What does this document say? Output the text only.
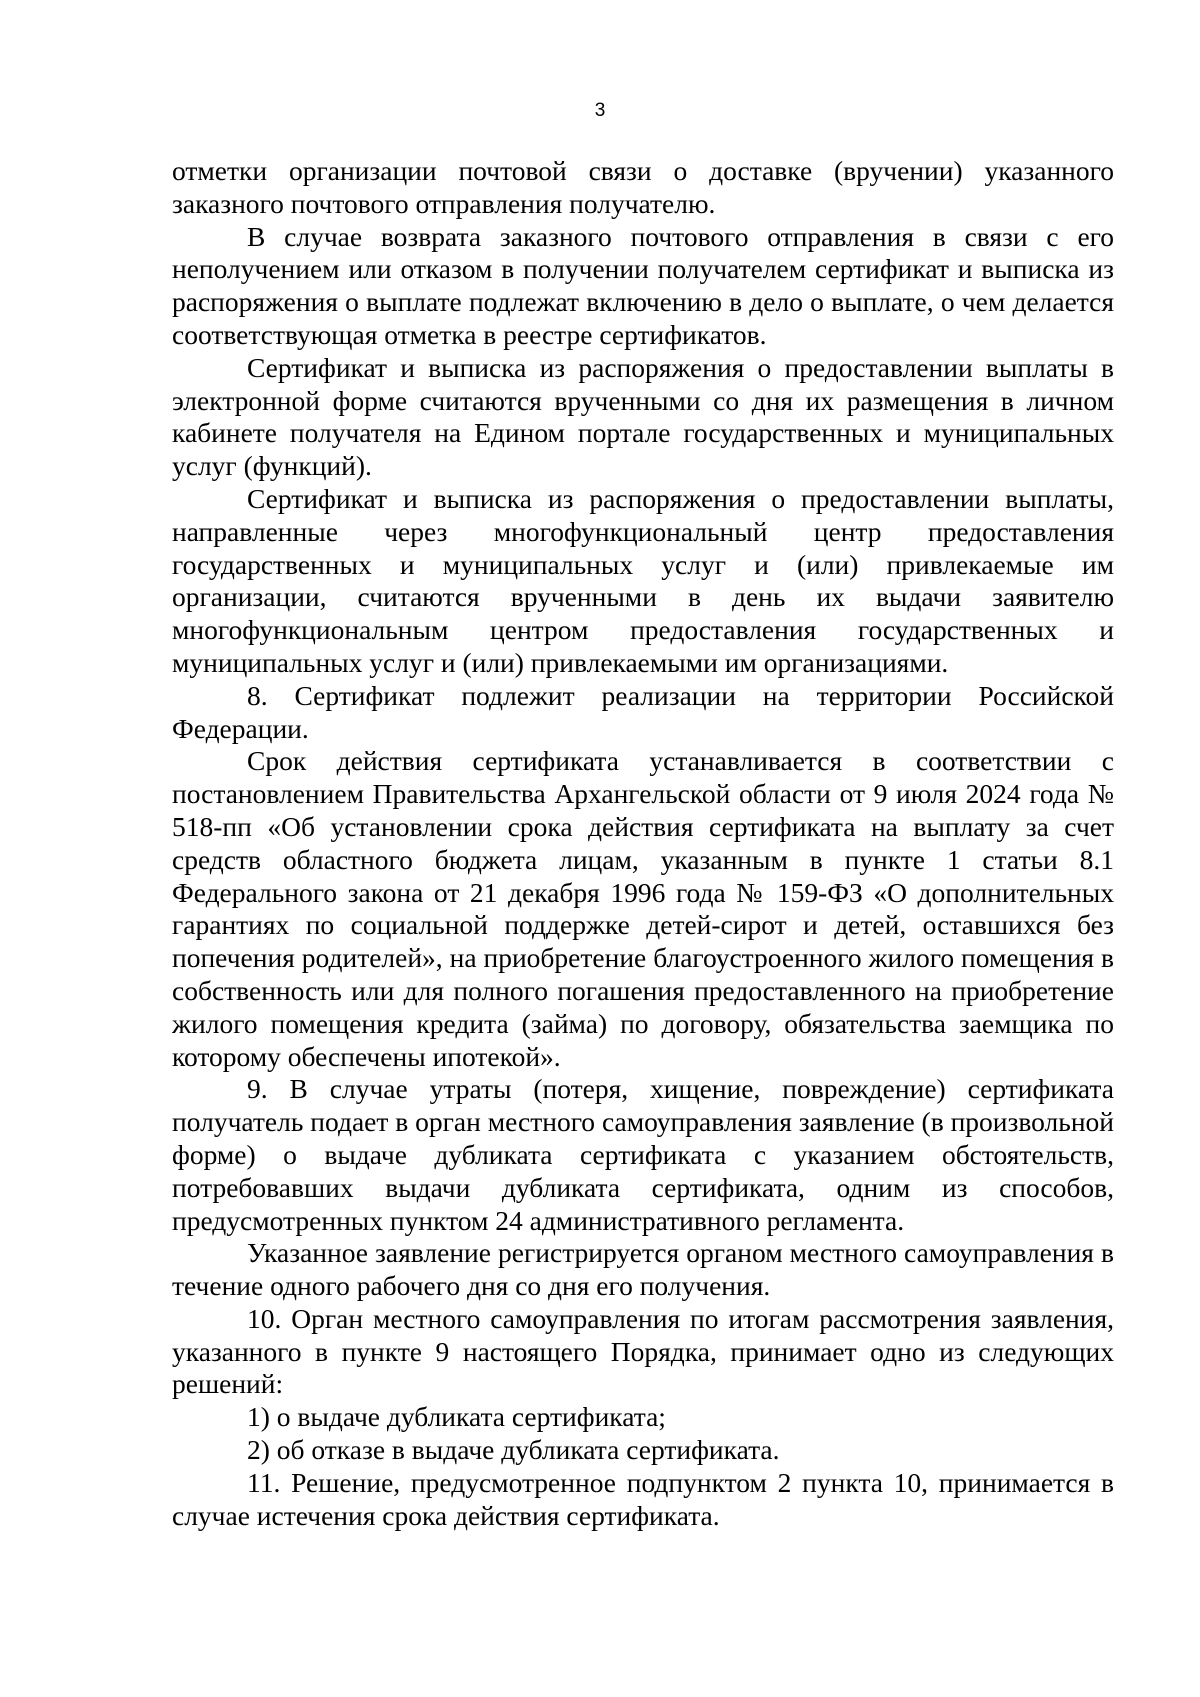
3

отметки организации почтовой связи о доставке (вручении) указанного заказного почтового отправления получателю.

В случае возврата заказного почтового отправления в связи с его неполучением или отказом в получении получателем сертификат и выписка из распоряжения о выплате подлежат включению в дело о выплате, о чем делается соответствующая отметка в реестре сертификатов.

Сертификат и выписка из распоряжения о предоставлении выплаты в электронной форме считаются врученными со дня их размещения в личном кабинете получателя на Едином портале государственных и муниципальных услуг (функций).

Сертификат и выписка из распоряжения о предоставлении выплаты, направленные через многофункциональный центр предоставления государственных и муниципальных услуг и (или) привлекаемые им организации, считаются врученными в день их выдачи заявителю многофункциональным центром предоставления государственных и муниципальных услуг и (или) привлекаемыми им организациями.

8. Сертификат подлежит реализации на территории Российской Федерации.

Срок действия сертификата устанавливается в соответствии с постановлением Правительства Архангельской области от 9 июля 2024 года № 518-пп «Об установлении срока действия сертификата на выплату за счет средств областного бюджета лицам, указанным в пункте 1 статьи 8.1 Федерального закона от 21 декабря 1996 года № 159-ФЗ «О дополнительных гарантиях по социальной поддержке детей-сирот и детей, оставшихся без попечения родителей», на приобретение благоустроенного жилого помещения в собственность или для полного погашения предоставленного на приобретение жилого помещения кредита (займа) по договору, обязательства заемщика по которому обеспечены ипотекой».

9. В случае утраты (потеря, хищение, повреждение) сертификата получатель подает в орган местного самоуправления заявление (в произвольной форме) о выдаче дубликата сертификата с указанием обстоятельств, потребовавших выдачи дубликата сертификата, одним из способов, предусмотренных пунктом 24 административного регламента.

Указанное заявление регистрируется органом местного самоуправления в течение одного рабочего дня со дня его получения.

10. Орган местного самоуправления по итогам рассмотрения заявления, указанного в пункте 9 настоящего Порядка, принимает одно из следующих решений:

1) о выдаче дубликата сертификата;

2) об отказе в выдаче дубликата сертификата.

11. Решение, предусмотренное подпунктом 2 пункта 10, принимается в случае истечения срока действия сертификата.
